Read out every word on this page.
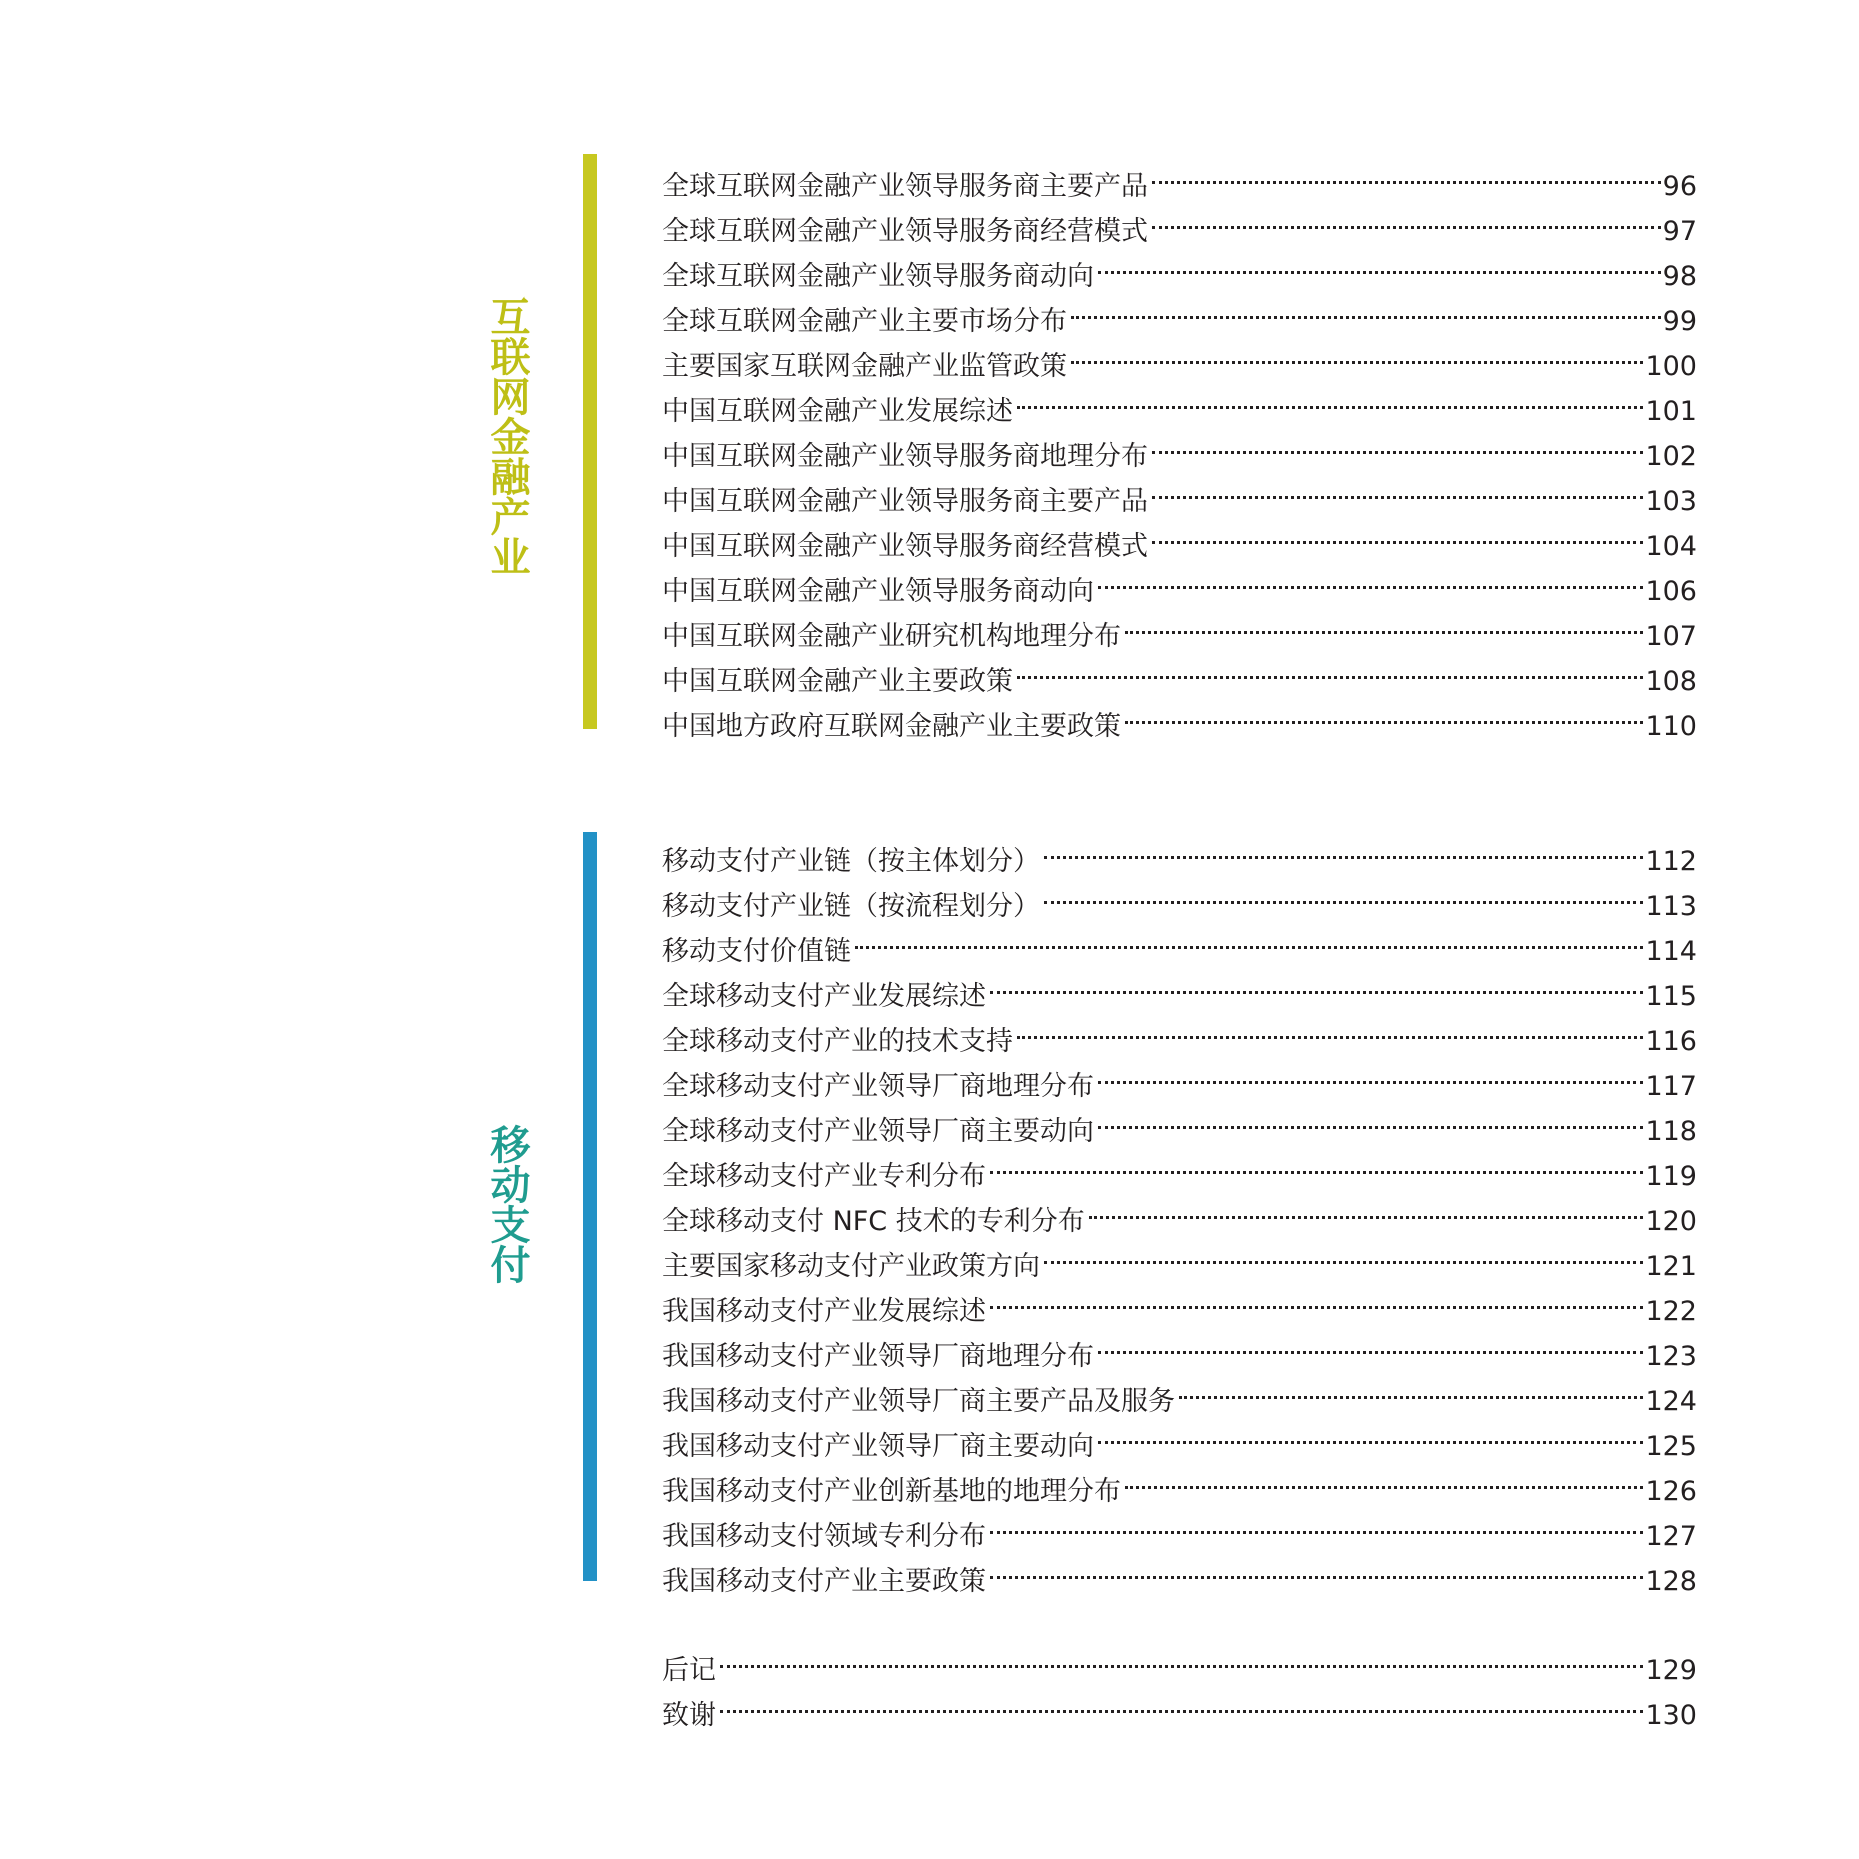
互联网金融产业
全球互联网金融产业领导服务商主要产品	96
全球互联网金融产业领导服务商经营模式	97
全球互联网金融产业领导服务商动向	98
全球互联网金融产业主要市场分布	99
主要国家互联网金融产业监管政策	100
中国互联网金融产业发展综述	101
中国互联网金融产业领导服务商地理分布	102
中国互联网金融产业领导服务商主要产品	103
中国互联网金融产业领导服务商经营模式	104
中国互联网金融产业领导服务商动向	106
中国互联网金融产业研究机构地理分布	107
中国互联网金融产业主要政策	108
中国地方政府互联网金融产业主要政策	110
移动支付
移动支付产业链（按主体划分）	112
移动支付产业链（按流程划分）	113
移动支付价值链	114
全球移动支付产业发展综述	115
全球移动支付产业的技术支持	116
全球移动支付产业领导厂商地理分布	117
全球移动支付产业领导厂商主要动向	118
全球移动支付产业专利分布	119
全球移动支付 NFC 技术的专利分布	120
主要国家移动支付产业政策方向	121
我国移动支付产业发展综述	122
我国移动支付产业领导厂商地理分布	123
我国移动支付产业领导厂商主要产品及服务	124
我国移动支付产业领导厂商主要动向	125
我国移动支付产业创新基地的地理分布	126
我国移动支付领域专利分布	127
我国移动支付产业主要政策	128
后记	129
致谢	130
